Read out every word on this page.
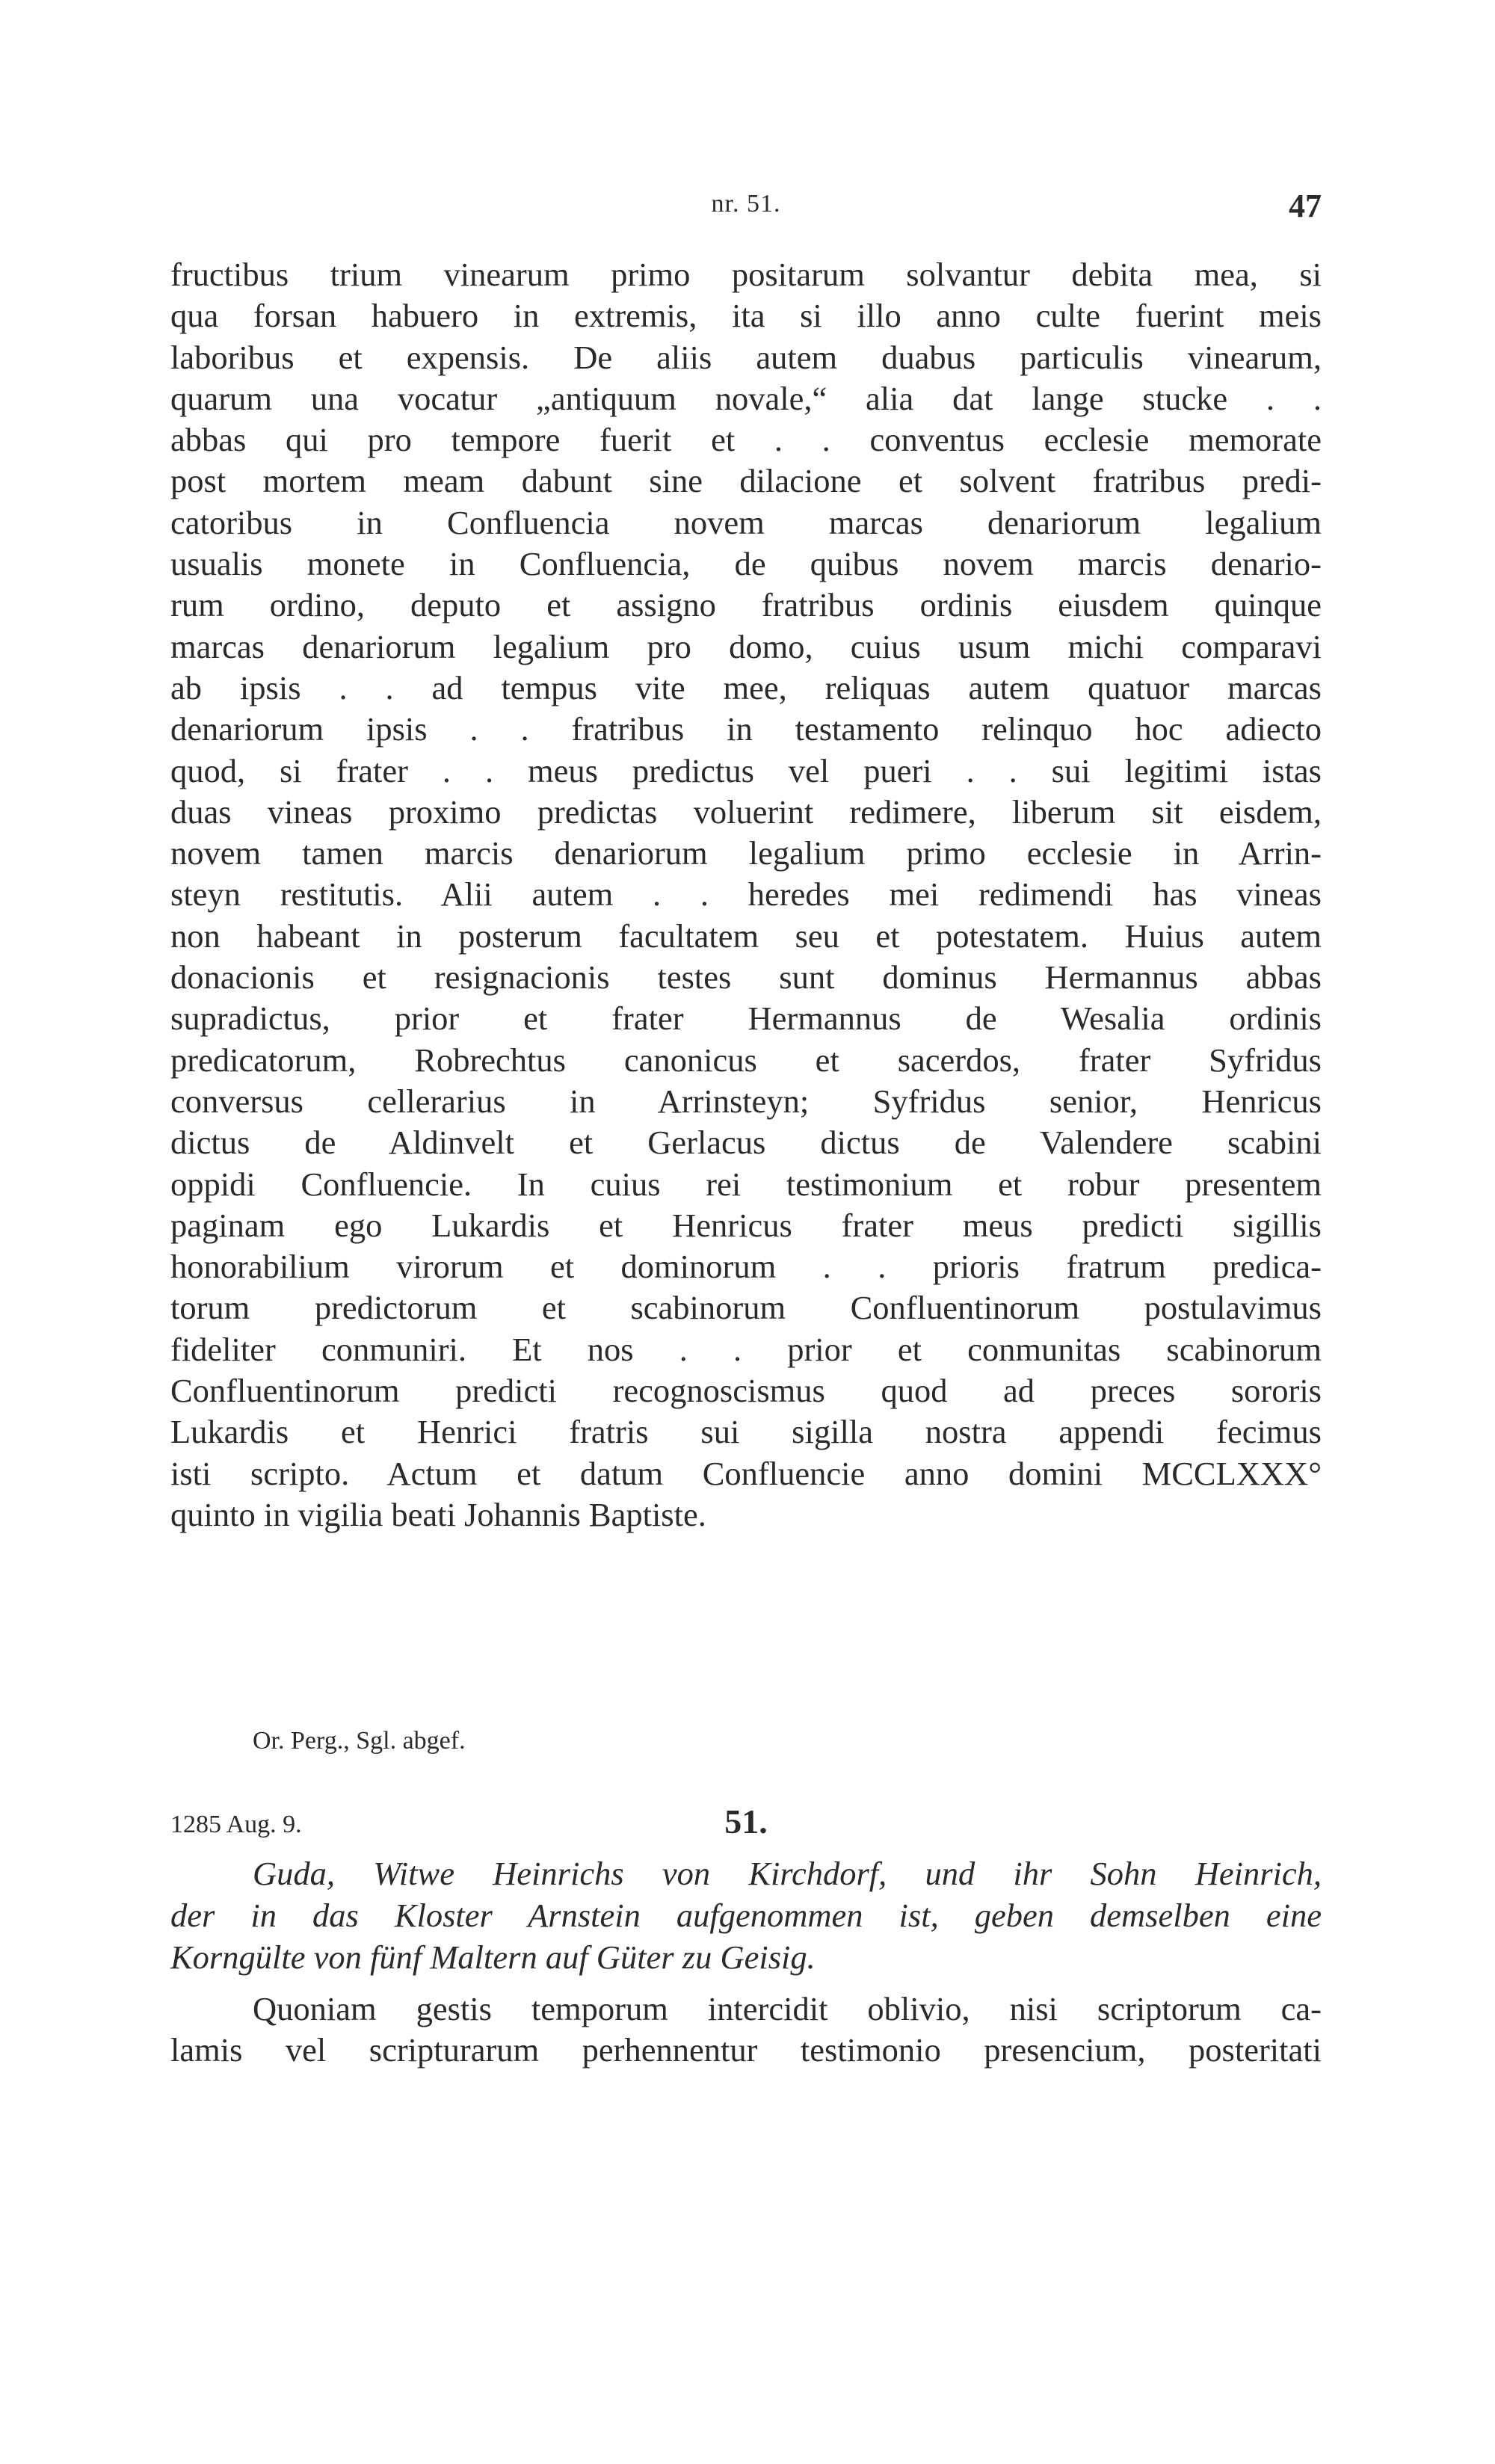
nr. 51.	47
fructibus trium vinearum primo positarum solvantur debita mea, si
qua forsan habuero in extremis, ita si illo anno culte fuerint meis
laboribus et expensis. De aliis autem duabus particulis vinearum,
quarum una vocatur „antiquum novale,“ alia dat lange stucke . .
abbas qui pro tempore fuerit et . . conventus ecclesie memorate
post mortem meam dabunt sine dilacione et solvent fratribus predi-
catoribus in Confluencia novem marcas denariorum legalium
usualis monete in Confluencia, de quibus novem marcis denario-
rum ordino, deputo et assigno fratribus ordinis eiusdem quinque
marcas denariorum legalium pro domo, cuius usum michi comparavi
ab ipsis . . ad tempus vite mee, reliquas autem quatuor marcas
denariorum ipsis . . fratribus in testamento relinquo hoc adiecto
quod, si frater . . meus predictus vel pueri . . sui legitimi istas
duas vineas proximo predictas voluerint redimere, liberum sit eisdem,
novem tamen marcis denariorum legalium primo ecclesie in Arrin-
steyn restitutis. Alii autem . . heredes mei redimendi has vineas
non habeant in posterum facultatem seu et potestatem. Huius autem
donacionis et resignacionis testes sunt dominus Hermannus abbas
supradictus, prior et frater Hermannus de Wesalia ordinis
predicatorum, Robrechtus canonicus et sacerdos, frater Syfridus
conversus cellerarius in Arrinsteyn; Syfridus senior, Henricus
dictus de Aldinvelt et Gerlacus dictus de Valendere scabini
oppidi Confluencie. In cuius rei testimonium et robur presentem
paginam ego Lukardis et Henricus frater meus predicti sigillis
honorabilium virorum et dominorum . . prioris fratrum predica-
torum predictorum et scabinorum Confluentinorum postulavimus
fideliter conmuniri. Et nos . . prior et conmunitas scabinorum
Confluentinorum predicti recognoscismus quod ad preces sororis
Lukardis et Henrici fratris sui sigilla nostra appendi fecimus
isti scripto. Actum et datum Confluencie anno domini MCCLXXX°
quinto in vigilia beati Johannis Baptiste.
Or. Perg., Sgl. abgef.
1285 Aug. 9.	51.
Guda, Witwe Heinrichs von Kirchdorf, und ihr Sohn Heinrich,
der in das Kloster Arnstein aufgenommen ist, geben demselben eine
Korngülte von fünf Maltern auf Güter zu Geisig.
Quoniam gestis temporum intercidit oblivio, nisi scriptorum ca-
lamis vel scripturarum perhennentur testimonio presencium, posteritati
